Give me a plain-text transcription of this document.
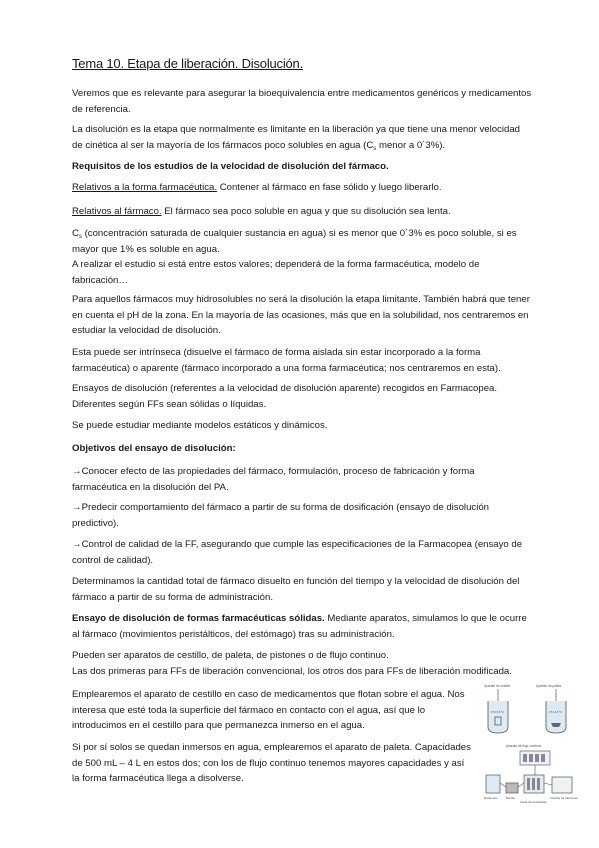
Tema 10. Etapa de liberación. Disolución.

Veremos que es relevante para asegurar la bioequivalencia entre medicamentos genéricos y medicamentos de referencia.

La disolución es la etapa que normalmente es limitante en la liberación ya que tiene una menor velocidad de cinética al ser la mayoría de los fármacos poco solubles en agua ($C_s$ menor a 0´3%).

Requisitos de los estudios de la velocidad de disolución del fármaco.

Relativos a la forma farmacéutica. Contener al fármaco en fase sólido y luego liberarlo.

Relativos al fármaco. El fármaco sea poco soluble en agua y que su disolución sea lenta.

$C_s$ (concentración saturada de cualquier sustancia en agua) si es menor que 0´3% es poco soluble, si es mayor que 1% es soluble en agua.
A realizar el estudio si está entre estos valores; dependerá de la forma farmacéutica, modelo de fabricación…

Para aquellos fármacos muy hidrosolubles no será la disolución la etapa limitante. También habrá que tener en cuenta el pH de la zona. En la mayoría de las ocasiones, más que en la solubilidad, nos centraremos en estudiar la velocidad de disolución.

Esta puede ser intrínseca (disuelve el fármaco de forma aislada sin estar incorporado a la forma farmacéutica) o aparente (fármaco incorporado a una forma farmacéutica; nos centraremos en esta).

Ensayos de disolución (referentes a la velocidad de disolución aparente) recogidos en Farmacopea. Diferentes según FFs sean sólidas o líquidas.

Se puede estudiar mediante modelos estáticos y dinámicos.

Objetivos del ensayo de disolución:

→Conocer efecto de las propiedades del fármaco, formulación, proceso de fabricación y forma farmacéutica en la disolución del PA.

→Predecir comportamiento del fármaco a partir de su forma de dosificación (ensayo de disolución predictivo).

→Control de calidad de la FF, asegurando que cumple las especificaciones de la Farmacopea (ensayo de control de calidad).

Determinamos la cantidad total de fármaco disuelto en función del tiempo y la velocidad de disolución del fármaco a partir de su forma de administración.

Ensayo de disolución de formas farmacéuticas sólidas. Mediante aparatos, simulamos lo que le ocurre al fármaco (movimientos peristálticos, del estómago) tras su administración.

Pueden ser aparatos de cestillo, de paleta, de pistones o de flujo continuo.
Las dos primeras para FFs de liberación convencional, los otros dos para FFs de liberación modificada.

Emplearemos el aparato de cestillo en caso de medicamentos que flotan sobre el agua. Nos interesa que esté toda la superficie del fármaco en contacto con el agua, así que lo introducimos en el cestillo para que permanezca inmerso en el agua.

Si por sí solos se quedan inmersos en agua, emplearemos el aparato de paleta. Capacidades de 500 mL – 4 L en estos dos; con los de flujo continuo tenemos mayores capacidades y así la forma farmacéutica llega a disolverse.

Aparato de cestillo
37 ± 0,5 °C
Aparato de paleta
37 ± 0,5 °C
Aparato de flujo continuo
Reservorio	Bomba
Celda termostatizada
Colector de fracciones
